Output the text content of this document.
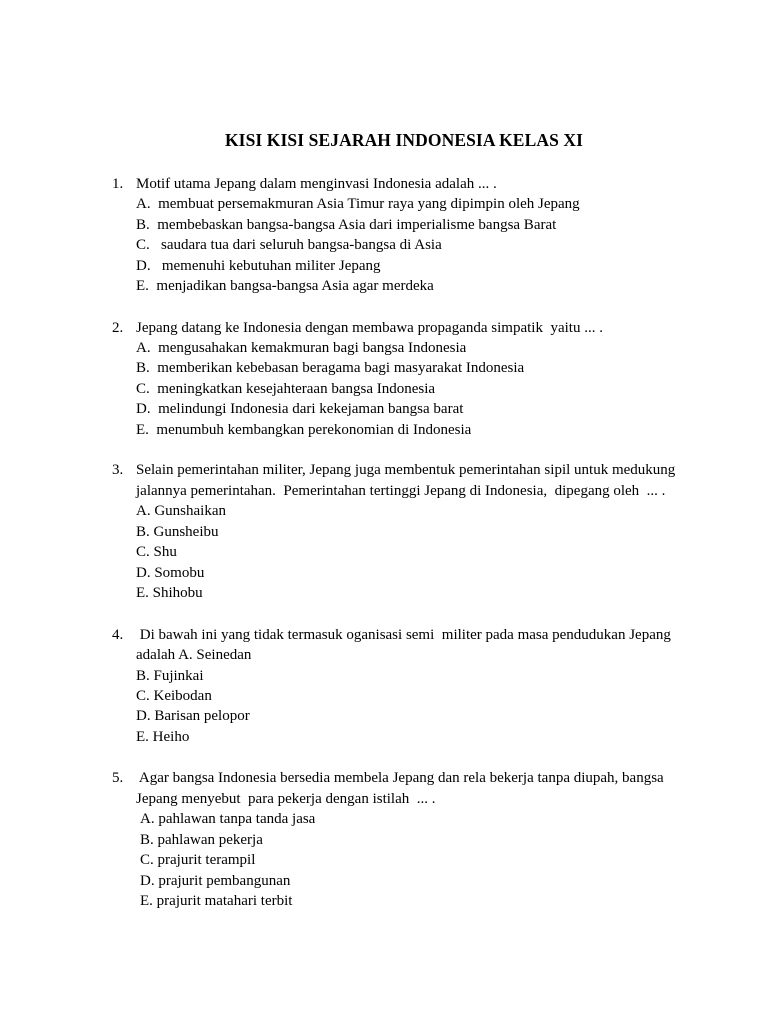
KISI KISI SEJARAH INDONESIA KELAS XI
1. Motif utama Jepang dalam menginvasi Indonesia adalah ... .
A.  membuat persemakmuran Asia Timur raya yang dipimpin oleh Jepang
B.  membebaskan bangsa-bangsa Asia dari imperialisme bangsa Barat
C.   saudara tua dari seluruh bangsa-bangsa di Asia
D.   memenuhi kebutuhan militer Jepang
E.  menjadikan bangsa-bangsa Asia agar merdeka
2. Jepang datang ke Indonesia dengan membawa propaganda simpatik  yaitu ... .
A.  mengusahakan kemakmuran bagi bangsa Indonesia
B.  memberikan kebebasan beragama bagi masyarakat Indonesia
C.  meningkatkan kesejahteraan bangsa Indonesia
D.  melindungi Indonesia dari kekejaman bangsa barat
E.  menumbuh kembangkan perekonomian di Indonesia
3. Selain pemerintahan militer, Jepang juga membentuk pemerintahan sipil untuk medukung
jalannya pemerintahan.  Pemerintahan tertinggi Jepang di Indonesia,  dipegang oleh  ... .
A. Gunshaikan
B. Gunsheibu
C. Shu
D. Somobu
E. Shihobu
4. Di bawah ini yang tidak termasuk oganisasi semi  militer pada masa pendudukan Jepang
adalah A. Seinedan
B. Fujinkai
C. Keibodan
D. Barisan pelopor
E. Heiho
5. Agar bangsa Indonesia bersedia membela Jepang dan rela bekerja tanpa diupah, bangsa
Jepang menyebut  para pekerja dengan istilah  ... .
A. pahlawan tanpa tanda jasa
B. pahlawan pekerja
C. prajurit terampil
D. prajurit pembangunan
E. prajurit matahari terbit
